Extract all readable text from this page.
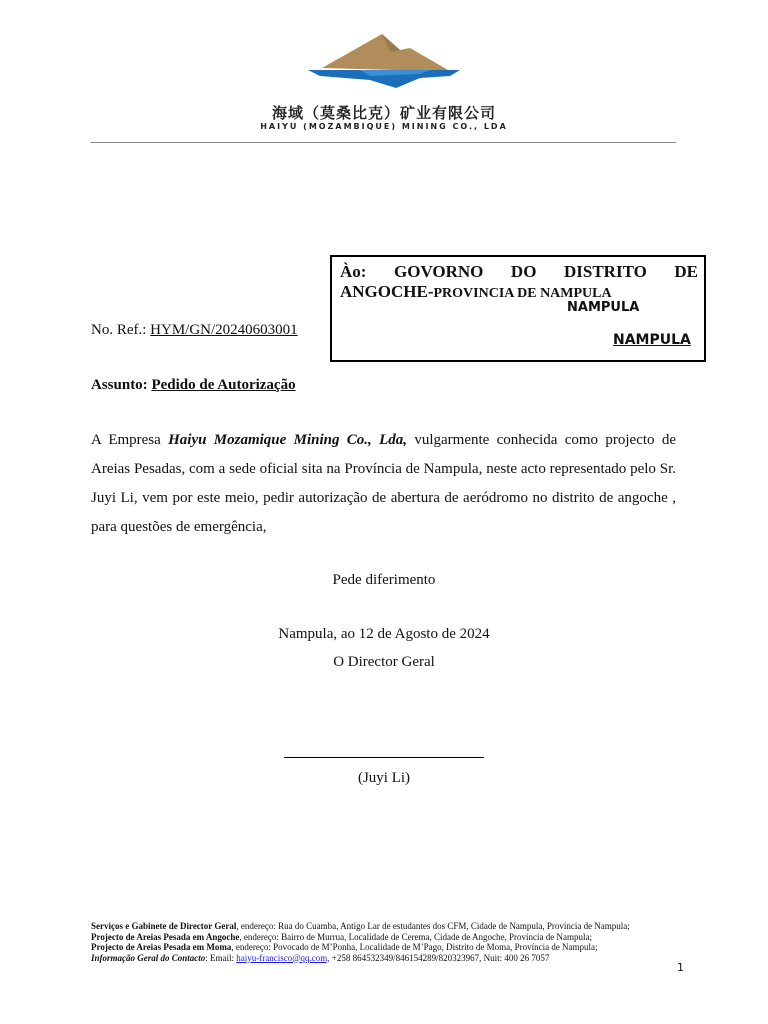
海域（莫桑比克）矿业有限公司
HAIYU (MOZAMBIQUE) MINING CO., LDA
Ào: GOVORNO DO DISTRITO DE
ANGOCHE-PROVINCIA DE NAMPULA
NAMPULA
NAMPULA
No. Ref.: HYM/GN/20240603001
Assunto: Pedido de Autorização
A Empresa Haiyu Mozamique Mining Co., Lda, vulgarmente conhecida como projecto de Areias Pesadas, com a sede oficial sita na Província de Nampula, neste acto representado pelo Sr. Juyi Li, vem por este meio, pedir autorização de abertura de aeródromo no distrito de angoche , para questões de emergência,
Pede diferimento
Nampula, ao 12 de Agosto de 2024
O Director Geral
(Juyi Li)
Serviços e Gabinete de Director Geral, endereço: Rua do Cuamba, Antigo Lar de estudantes dos CFM, Cidade de Nampula, Província de Nampula;
Projecto de Areias Pesada em Angoche, endereço: Bairro de Murrua, Localidade de Cerema, Cidade de Angoche, Província de Nampula;
Projecto de Areias Pesada em Moma, endereço: Povocado de M’Ponha, Localidade de M’Pago, Distrito de Moma, Província de Nampula;
Informação Geral do Contacto: Email: haiyu-francisco@qq.com, +258 864532349/846154289/820323967, Nuit: 400 26 7057
1
